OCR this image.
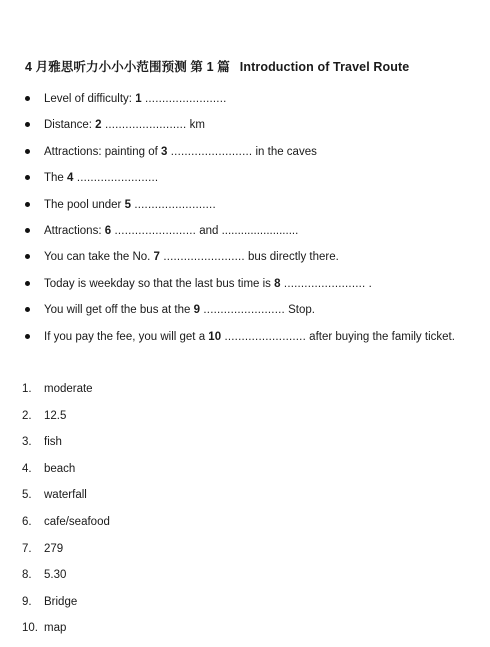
4 月雅思听力小小小范围预测 第 1 篇 Introduction of Travel Route
Level of difficulty: 1 ........................
Distance: 2 ........................ km
Attractions: painting of 3 ........................ in the caves
The 4 ........................
The pool under 5 ........................
Attractions: 6 ........................ and ........................
You can take the No. 7 ........................ bus directly there.
Today is weekday so that the last bus time is 8 ........................ .
You will get off the bus at the 9 ........................ Stop.
If you pay the fee, you will get a 10 ........................ after buying the family ticket.
1. moderate
2. 12.5
3. fish
4. beach
5. waterfall
6. cafe/seafood
7. 279
8. 5.30
9. Bridge
10. map
